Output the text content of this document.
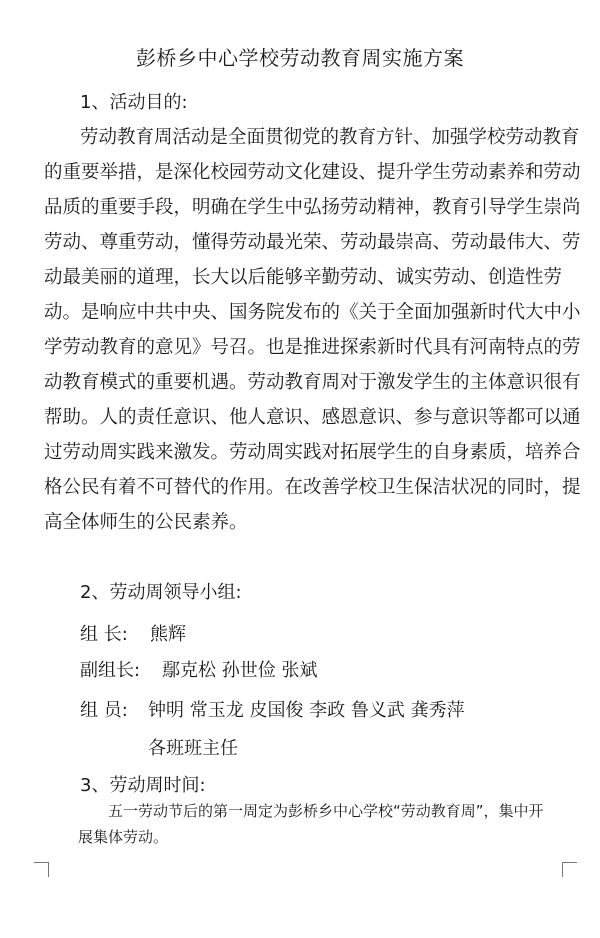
彭桥乡中心学校劳动教育周实施方案
1、活动目的:
劳动教育周活动是全面贯彻党的教育方针、加强学校劳动教育
的重要举措，是深化校园劳动文化建设、提升学生劳动素养和劳动
品质的重要手段，明确在学生中弘扬劳动精神，教育引导学生崇尚
劳动、尊重劳动，懂得劳动最光荣、劳动最崇高、劳动最伟大、劳
动最美丽的道理，长大以后能够辛勤劳动、诚实劳动、创造性劳
动。是响应中共中央、国务院发布的《关于全面加强新时代大中小
学劳动教育的意见》号召。也是推进探索新时代具有河南特点的劳
动教育模式的重要机遇。劳动教育周对于激发学生的主体意识很有
帮助。人的责任意识、他人意识、感恩意识、参与意识等都可以通
过劳动周实践来激发。劳动周实践对拓展学生的自身素质，培养合
格公民有着不可替代的作用。在改善学校卫生保洁状况的同时，提
高全体师生的公民素养。
2、劳动周领导小组:
组 长: 熊辉
副组长: 鄢克松 孙世俭 张斌
组 员: 钟明 常玉龙 皮国俊 李政 鲁义武 龚秀萍
各班班主任
3、劳动周时间:
五一劳动节后的第一周定为彭桥乡中心学校“劳动教育周”，集中开
展集体劳动。
